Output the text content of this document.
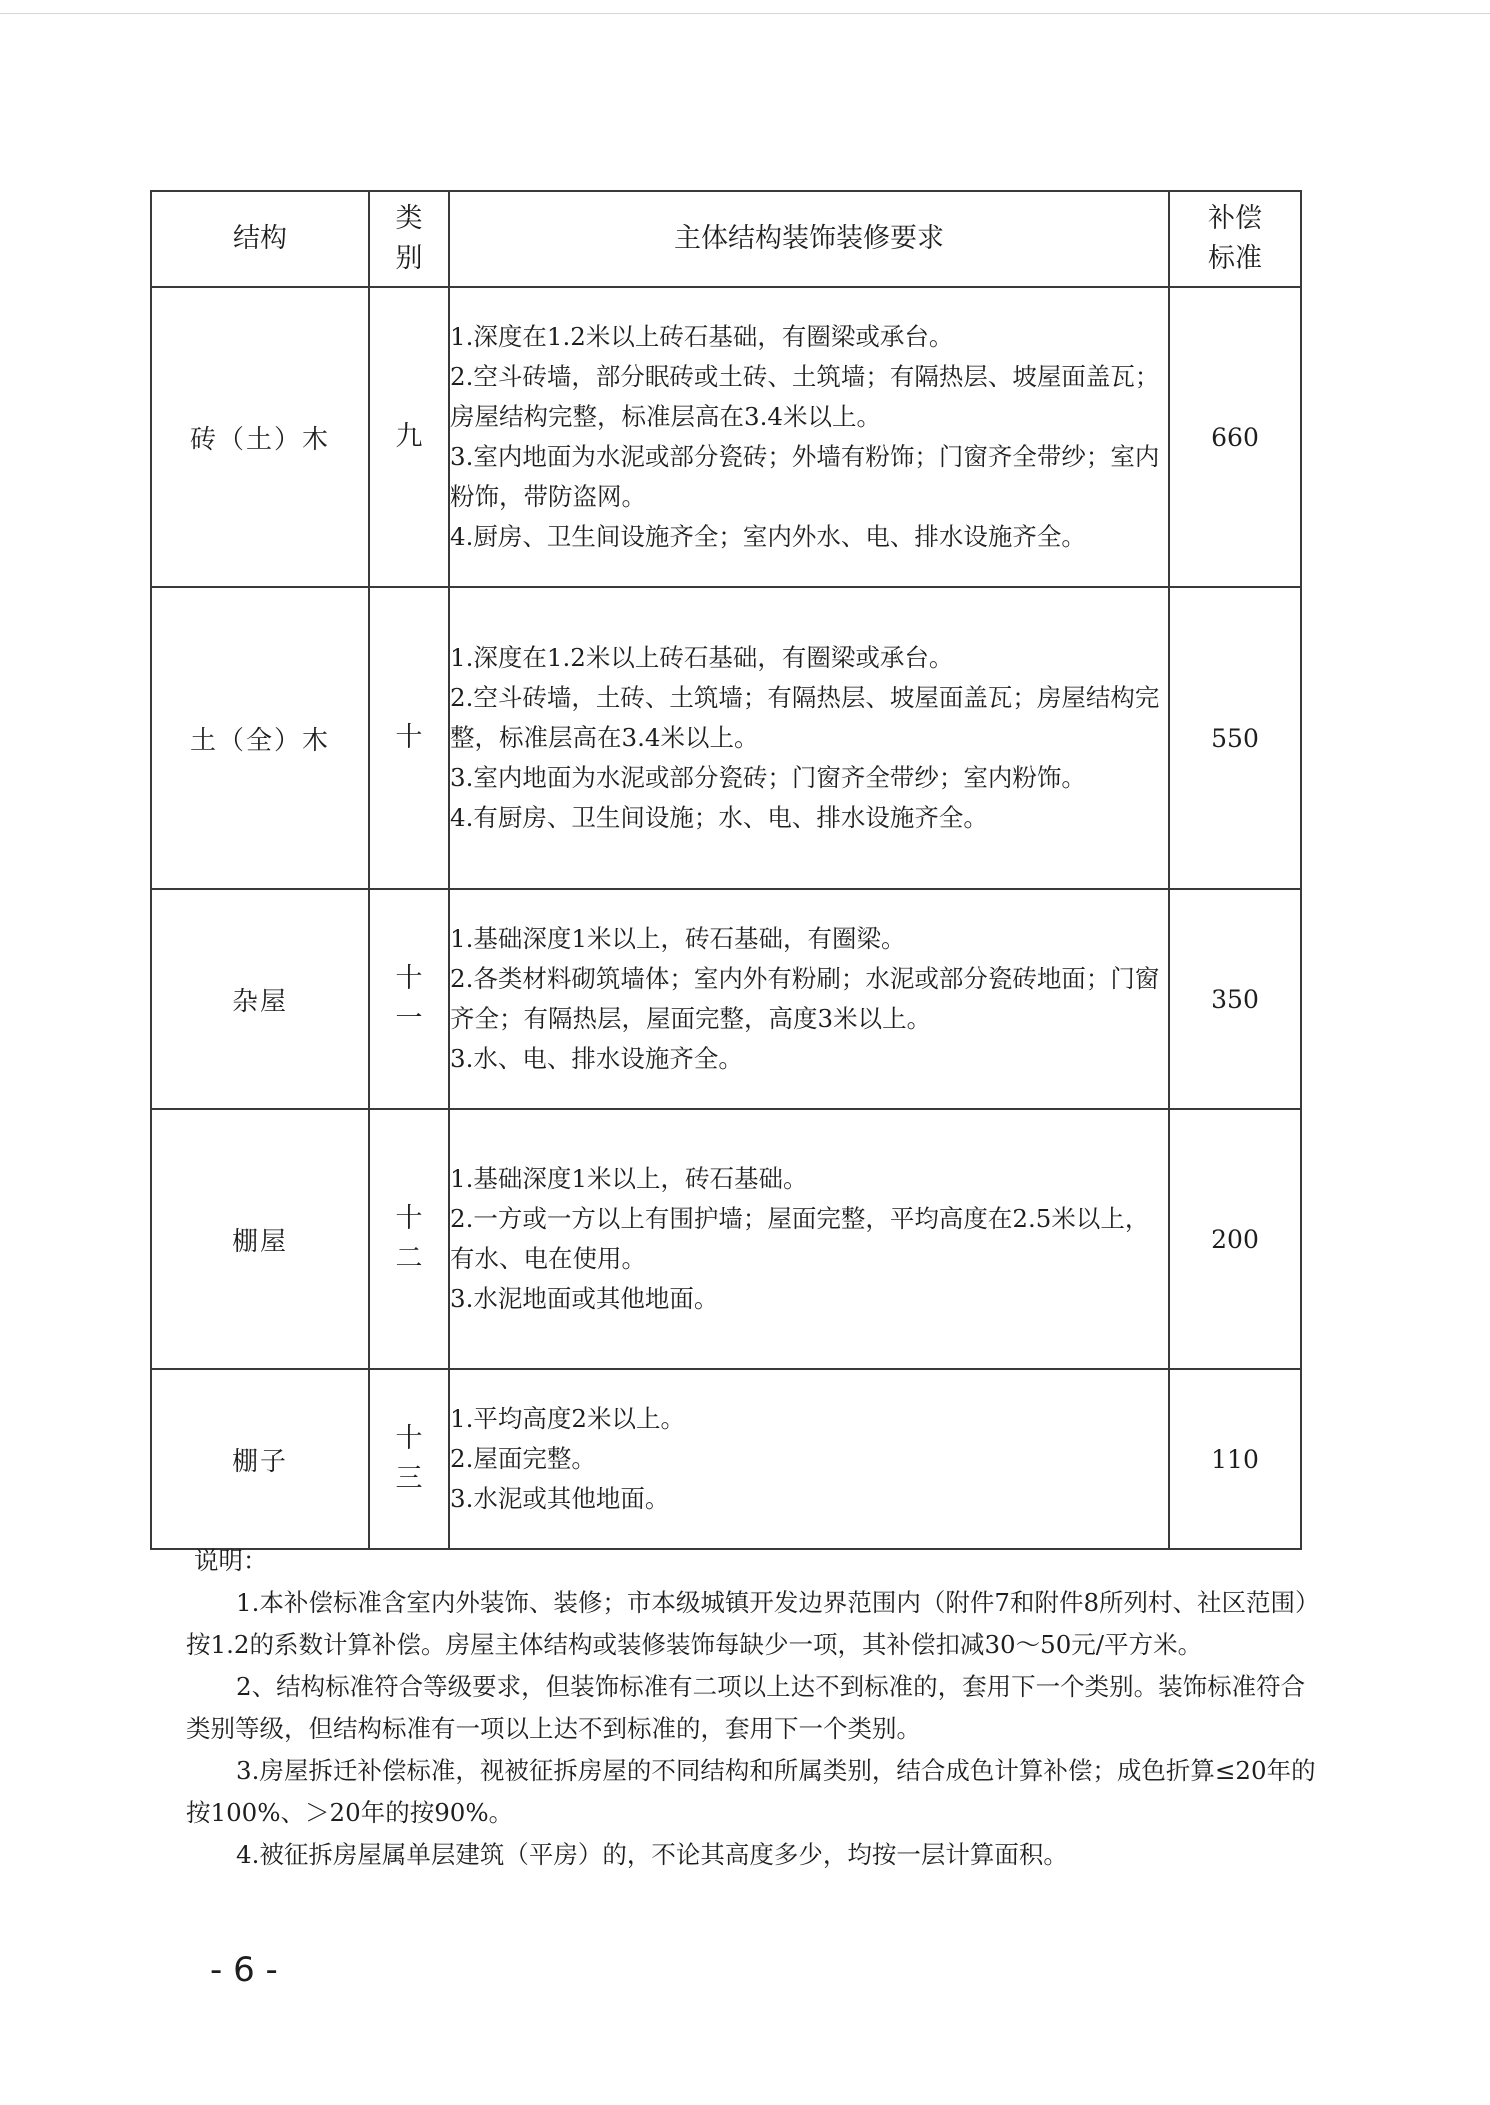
结构	类别	主体结构装饰装修要求	补偿标准
砖（土）木	九	1.深度在1.2米以上砖石基础，有圈梁或承台。
2.空斗砖墙，部分眠砖或土砖、土筑墙；有隔热层、坡屋面盖瓦；房屋结构完整，标准层高在3.4米以上。
3.室内地面为水泥或部分瓷砖；外墙有粉饰；门窗齐全带纱；室内粉饰，带防盗网。
4.厨房、卫生间设施齐全；室内外水、电、排水设施齐全。	660
土（全）木	十	1.深度在1.2米以上砖石基础，有圈梁或承台。
2.空斗砖墙，土砖、土筑墙；有隔热层、坡屋面盖瓦；房屋结构完整，标准层高在3.4米以上。
3.室内地面为水泥或部分瓷砖；门窗齐全带纱；室内粉饰。
4.有厨房、卫生间设施；水、电、排水设施齐全。	550
杂屋	十一	1.基础深度1米以上，砖石基础，有圈梁。
2.各类材料砌筑墙体；室内外有粉刷；水泥或部分瓷砖地面；门窗齐全；有隔热层，屋面完整，高度3米以上。
3.水、电、排水设施齐全。	350
棚屋	十二	1.基础深度1米以上，砖石基础。
2.一方或一方以上有围护墙；屋面完整，平均高度在2.5米以上，有水、电在使用。
3.水泥地面或其他地面。	200
棚子	十三	1.平均高度2米以上。
2.屋面完整。
3.水泥或其他地面。	110
说明：
1.本补偿标准含室内外装饰、装修；市本级城镇开发边界范围内（附件7和附件8所列村、社区范围）按1.2的系数计算补偿。房屋主体结构或装修装饰每缺少一项，其补偿扣减30～50元/平方米。
2、结构标准符合等级要求，但装饰标准有二项以上达不到标准的，套用下一个类别。装饰标准符合类别等级，但结构标准有一项以上达不到标准的，套用下一个类别。
3.房屋拆迁补偿标准，视被征拆房屋的不同结构和所属类别，结合成色计算补偿；成色折算≤20年的按100%、＞20年的按90%。
4.被征拆房屋属单层建筑（平房）的，不论其高度多少，均按一层计算面积。
- 6 -
